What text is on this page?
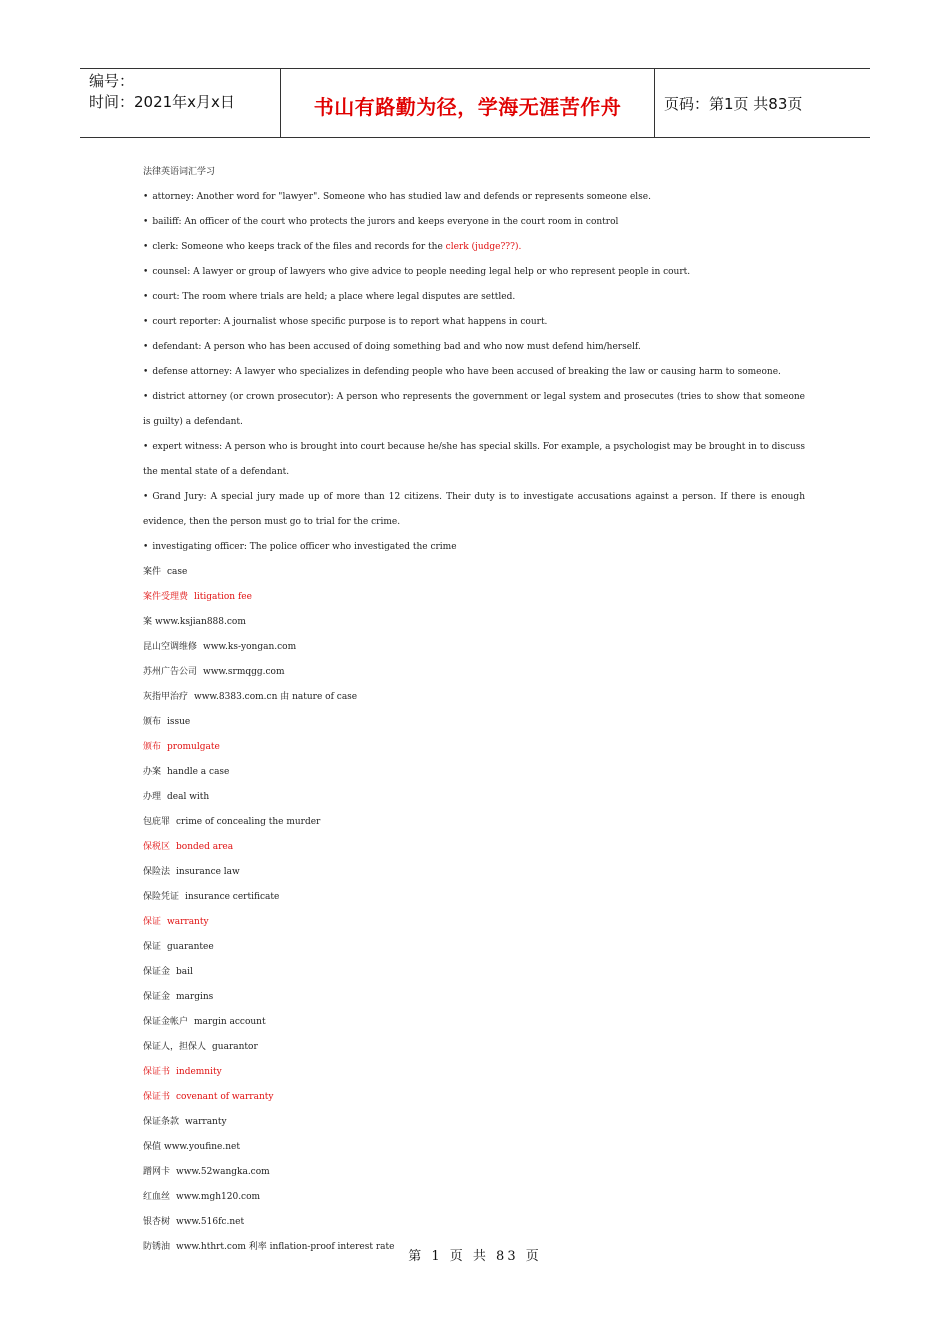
编号：
时间：2021年x月x日	书山有路勤为径，学海无涯苦作舟	页码：第1页 共83页
法律英语词汇学习
• attorney: Another word for "lawyer". Someone who has studied law and defends or represents someone else.
• bailiff: An officer of the court who protects the jurors and keeps everyone in the court room in control
• clerk: Someone who keeps track of the files and records for the clerk (judge???).
• counsel: A lawyer or group of lawyers who give advice to people needing legal help or who represent people in court.
• court: The room where trials are held; a place where legal disputes are settled.
• court reporter: A journalist whose specific purpose is to report what happens in court.
• defendant: A person who has been accused of doing something bad and who now must defend him/herself.
• defense attorney: A lawyer who specializes in defending people who have been accused of breaking the law or causing harm to someone.
• district attorney (or crown prosecutor): A person who represents the government or legal system and prosecutes (tries to show that someone is guilty) a defendant.
• expert witness: A person who is brought into court because he/she has special skills. For example, a psychologist may be brought in to discuss the mental state of a defendant.
• Grand Jury: A special jury made up of more than 12 citizens. Their duty is to investigate accusations against a person. If there is enough evidence, then the person must go to trial for the crime.
• investigating officer: The police officer who investigated the crime
案件 case
案件受理费 litigation fee
案 www.ksjian888.com
昆山空调维修 www.ks-yongan.com
苏州广告公司 www.srmqgg.com
灰指甲治疗 www.8383.com.cn 由 nature of case
颁布 issue
颁布 promulgate
办案 handle a case
办理 deal with
包庇罪 crime of concealing the murder
保税区 bonded area
保险法 insurance law
保险凭证 insurance certificate
保证 warranty
保证 guarantee
保证金 bail
保证金 margins
保证金帐户 margin account
保证人，担保人 guarantor
保证书 indemnity
保证书 covenant of warranty
保证条款 warranty
保值 www.youfine.net
蹭网卡 www.52wangka.com
红血丝 www.mgh120.com
银杏树 www.516fc.net
防锈油 www.hthrt.com 利率 inflation-proof interest rate
第 1 页 共 83 页
